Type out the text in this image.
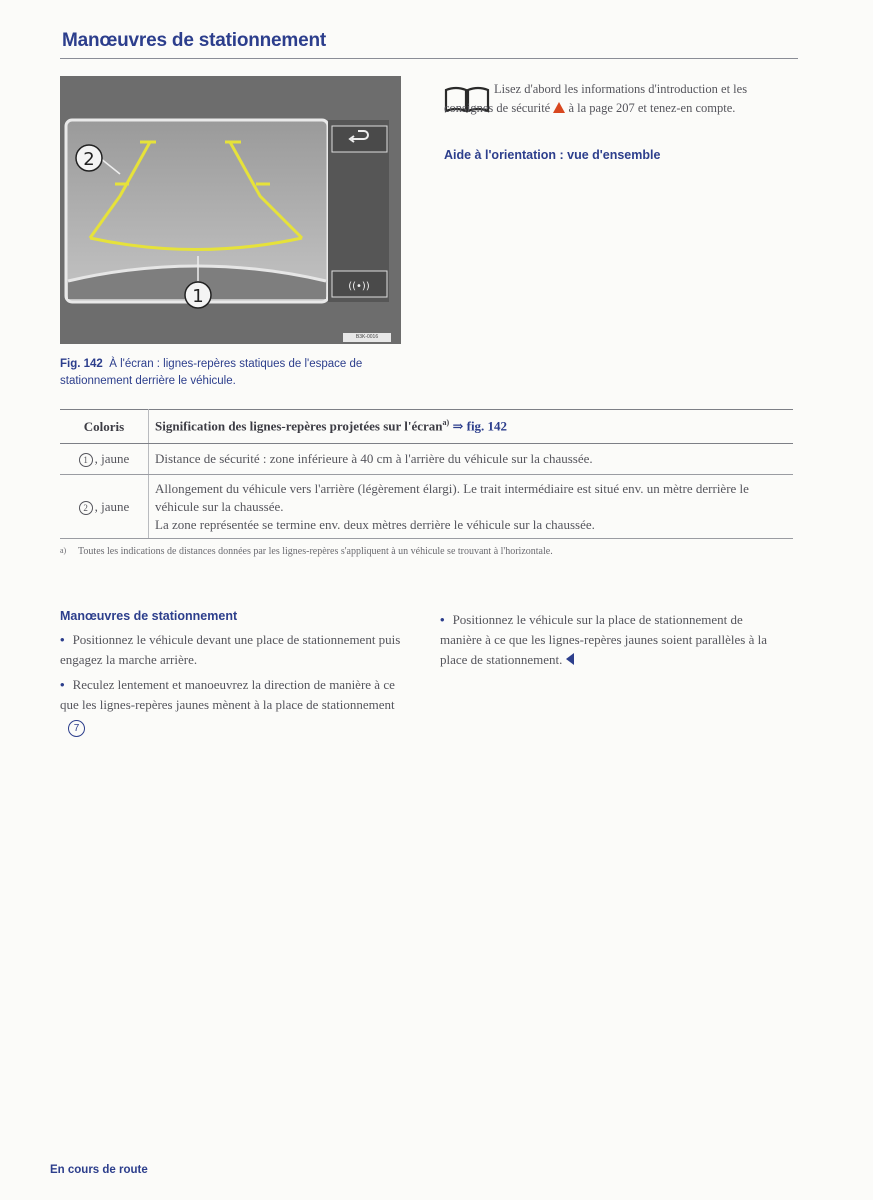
Manœuvres de stationnement
((•))
1
2
B3K-0016
Fig. 142 À l'écran : lignes-repères statiques de l'espace de stationnement derrière le véhicule.
Lisez d'abord les informations d'introduction et les consignes de sécurité à la page 207 et tenez-en compte.
Aide à l'orientation : vue d'ensemble
Coloris	Signification des lignes-repères projetées sur l'écran$^{a)}$ ⇒ fig. 142
1 , jaune	Distance de sécurité : zone inférieure à 40 cm à l'arrière du véhicule sur la chaussée.
2 , jaune	Allongement du véhicule vers l'arrière (légèrement élargi). Le trait intermédiaire est situé env. un mètre derrière le véhicule sur la chaussée.
La zone représentée se termine env. deux mètres derrière le véhicule sur la chaussée.
a) Toutes les indications de distances données par les lignes-repères s'appliquent à un véhicule se trouvant à l'horizontale.
Manœuvres de stationnement

• Positionnez le véhicule devant une place de stationnement puis engagez la marche arrière.

• Reculez lentement et manoeuvrez la direction de manière à ce que les lignes-repères jaunes mènent à la place de stationnement7

• Positionnez le véhicule sur la place de stationnement de manière à ce que les lignes-repères jaunes soient parallèles à la place de stationnement.

En cours de route
